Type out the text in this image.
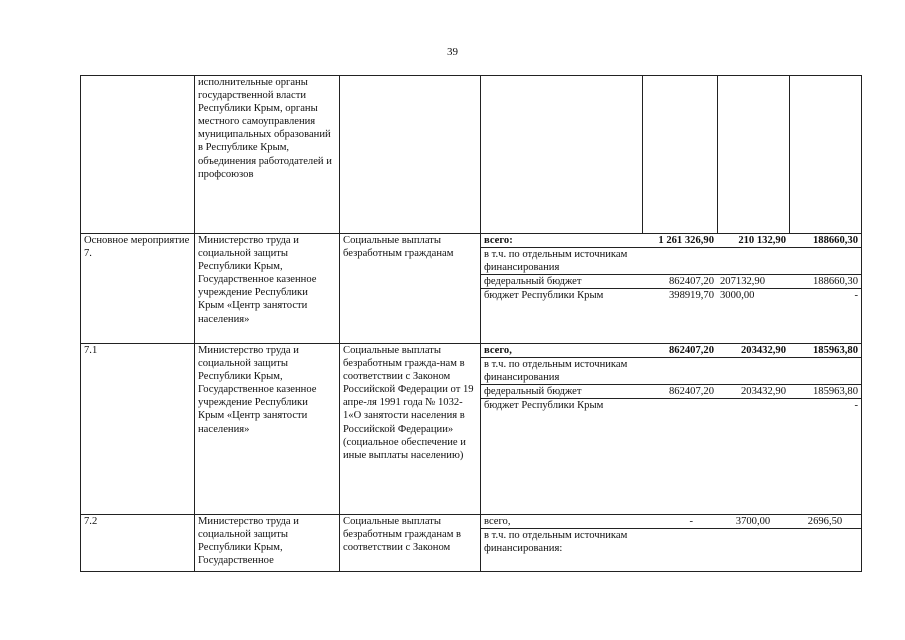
39
	исполнительные органы государственной власти Республики Крым, органы местного самоуправления муниципальных образований в Республике Крым, объединения работодателей и профсоюзов					
Основное мероприятие 7.	Министерство труда и социальной защиты Республики Крым, Государственное казенное учреждение Республики Крым «Центр занятости населения»	Социальные выплаты безработным гражданам	
всего:	1 261 326,90	210 132,90	188660,30
в т.ч. по отдельным источникам финансирования			
федеральный бюджет	862407,20	207132,90	188660,30
бюджет Республики Крым	398919,70	3000,00	-

7.1	Министерство труда и социальной защиты Республики Крым, Государственное казенное учреждение Республики Крым «Центр занятости населения»	Социальные выплаты безработным граждa-нам в соответствии с Законом Российской Федерации от 19 апре-ля 1991 года № 1032-1«О занятости населения в Российской Федерации» (социальное обеспечение и иные выплаты населению)	
всего,	862407,20	203432,90	185963,80
в т.ч. по отдельным источникам финансирования			
федеральный бюджет	862407,20	203432,90	185963,80
бюджет Республики Крым			-

7.2	Министерство труда и социальной защиты Республики Крым, Государственное	Социальные выплаты безработным гражданам в соответствии с Законом	
всего,	-	3700,00	2696,50
в т.ч. по отдельным источникам финансирования:			
